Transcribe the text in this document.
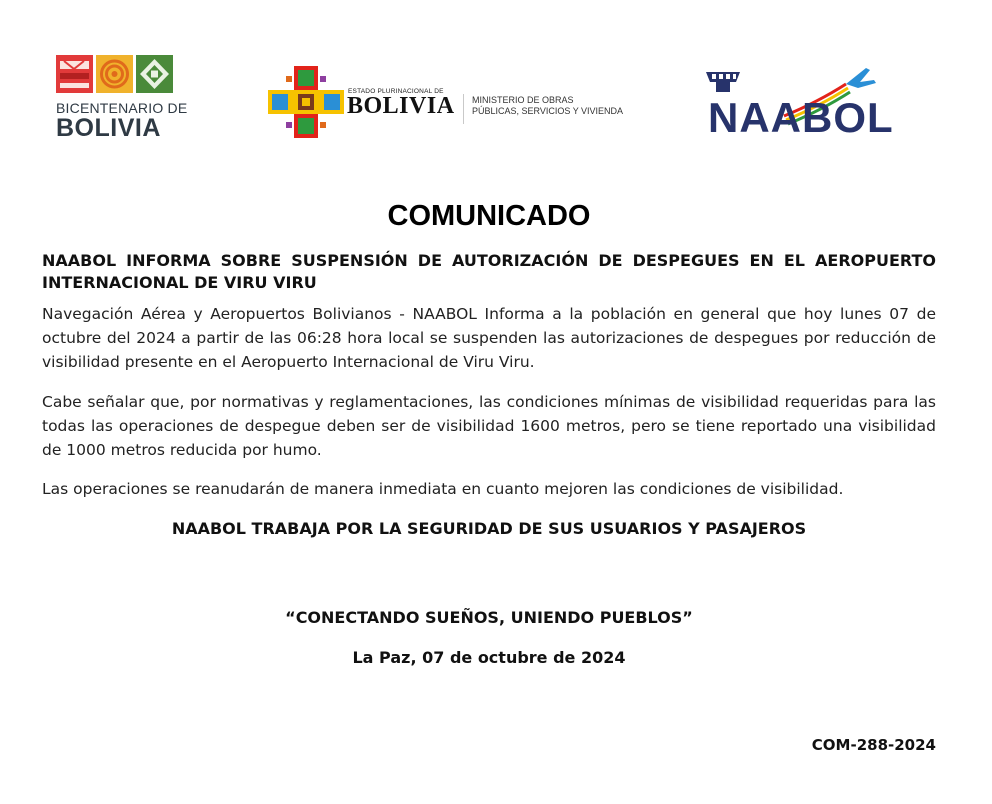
BICENTENARIO DE
BOLIVIA
ESTADO PLURINACIONAL DE
BOLIVIA MINISTERIO DE OBRAS
PÚBLICAS, SERVICIOS Y VIVIENDA NAABOL
COMUNICADO
NAABOL INFORMA SOBRE SUSPENSIÓN DE AUTORIZACIÓN DE DESPEGUES EN EL AEROPUERTO INTERNACIONAL DE VIRU VIRU

Navegación Aérea y Aeropuertos Bolivianos - NAABOL Informa a la población en general que hoy lunes 07 de octubre del 2024 a partir de las 06:28 hora local se suspenden las autorizaciones de despegues por reducción de visibilidad presente en el Aeropuerto Internacional de Viru Viru.

Cabe señalar que, por normativas y reglamentaciones, las condiciones mínimas de visibilidad requeridas para las todas las operaciones de despegue deben ser de visibilidad 1600 metros, pero se tiene reportado una visibilidad de 1000 metros reducida por humo.

Las operaciones se reanudarán de manera inmediata en cuanto mejoren las condiciones de visibilidad.

NAABOL TRABAJA POR LA SEGURIDAD DE SUS USUARIOS Y PASAJEROS
“CONECTANDO SUEÑOS, UNIENDO PUEBLOS”
La Paz, 07 de octubre de 2024
COM-288-2024
